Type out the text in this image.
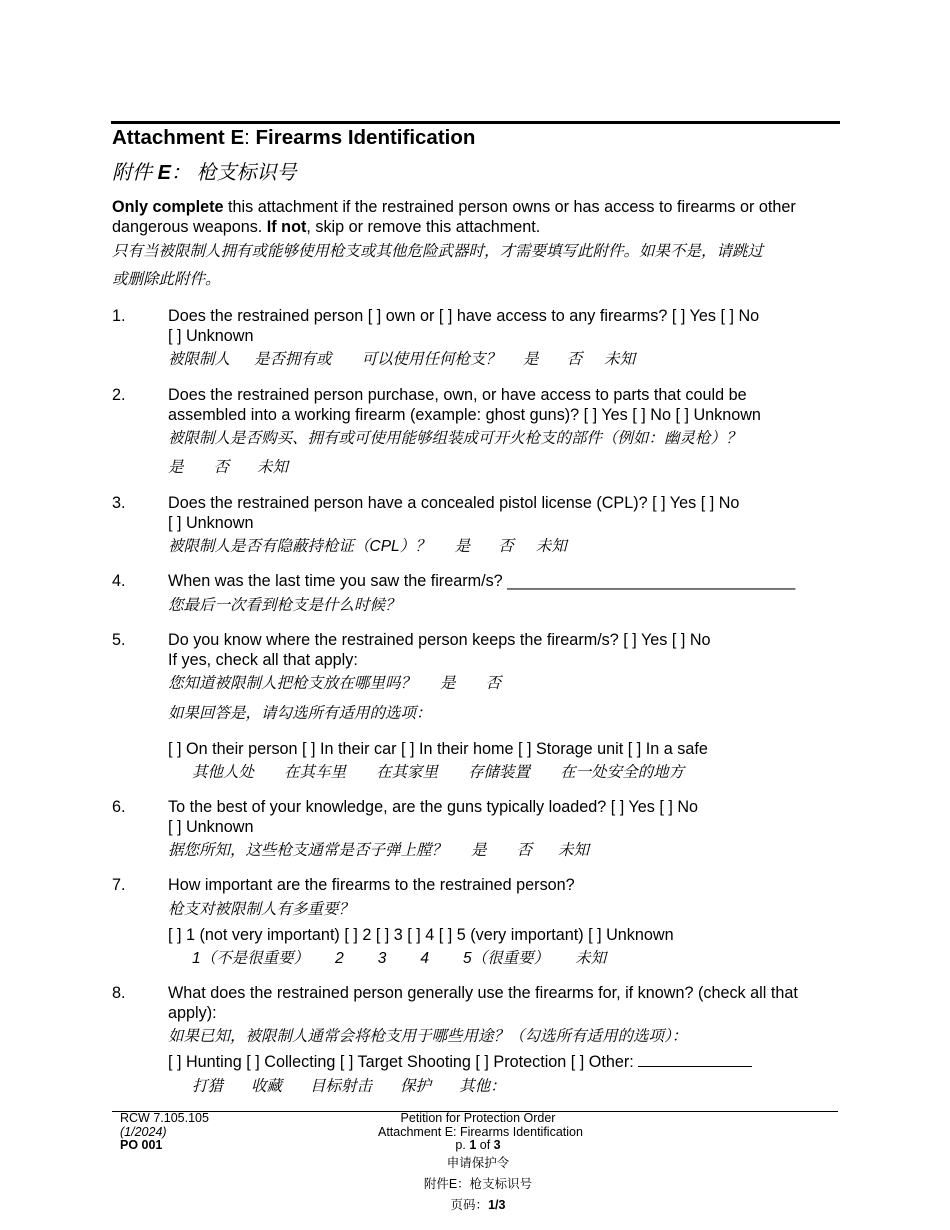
Attachment E: Firearms Identification
附件 E： 枪支标识号
Only complete this attachment if the restrained person owns or has access to firearms or other
dangerous weapons. If not, skip or remove this attachment.
只有当被限制人拥有或能够使用枪支或其他危险武器时，才需要填写此附件。如果不是，请跳过
或删除此附件。
1.	Does the restrained person [ ] own or [ ] have access to any firearms? [ ] Yes [ ] No
[ ] Unknown
被限制人 是否拥有或 可以使用任何枪支？ 是 否 未知
2.	Does the restrained person purchase, own, or have access to parts that could be
assembled into a working firearm (example: ghost guns)? [ ] Yes [ ] No [ ] Unknown
被限制人是否购买、拥有或可使用能够组装成可开火枪支的部件（例如：幽灵枪）？
是 否 未知
3.	Does the restrained person have a concealed pistol license (CPL)? [ ] Yes [ ] No
[ ] Unknown
被限制人是否有隐蔽持枪证（CPL）？ 是 否 未知
4.	When was the last time you saw the firearm/s? ________________________________
您最后一次看到枪支是什么时候？
5.	Do you know where the restrained person keeps the firearm/s? [ ] Yes [ ] No
If yes, check all that apply:
您知道被限制人把枪支放在哪里吗？ 是 否
如果回答是，请勾选所有适用的选项：
[ ] On their person [ ] In their car [ ] In their home [ ] Storage unit [ ] In a safe
其他人处 在其车里 在其家里 存储装置 在一处安全的地方
6.	To the best of your knowledge, are the guns typically loaded? [ ] Yes [ ] No
[ ] Unknown
据您所知，这些枪支通常是否子弹上膛？ 是 否 未知
7.	How important are the firearms to the restrained person?
枪支对被限制人有多重要？
[ ] 1 (not very important) [ ] 2 [ ] 3 [ ] 4 [ ] 5 (very important) [ ] Unknown
1（不是很重要） 2 3 4 5（很重要） 未知
8.	What does the restrained person generally use the firearms for, if known? (check all that
apply):
如果已知，被限制人通常会将枪支用于哪些用途？（勾选所有适用的选项）：
[ ] Hunting [ ] Collecting [ ] Target Shooting [ ] Protection [ ] Other:
打猎 收藏 目标射击 保护 其他：
RCW 7.105.105
(1/2024)
PO 001
Petition for Protection Order
Attachment E: Firearms Identification
p. 1 of 3
申请保护令
附件E：枪支标识号
页码：1/3
